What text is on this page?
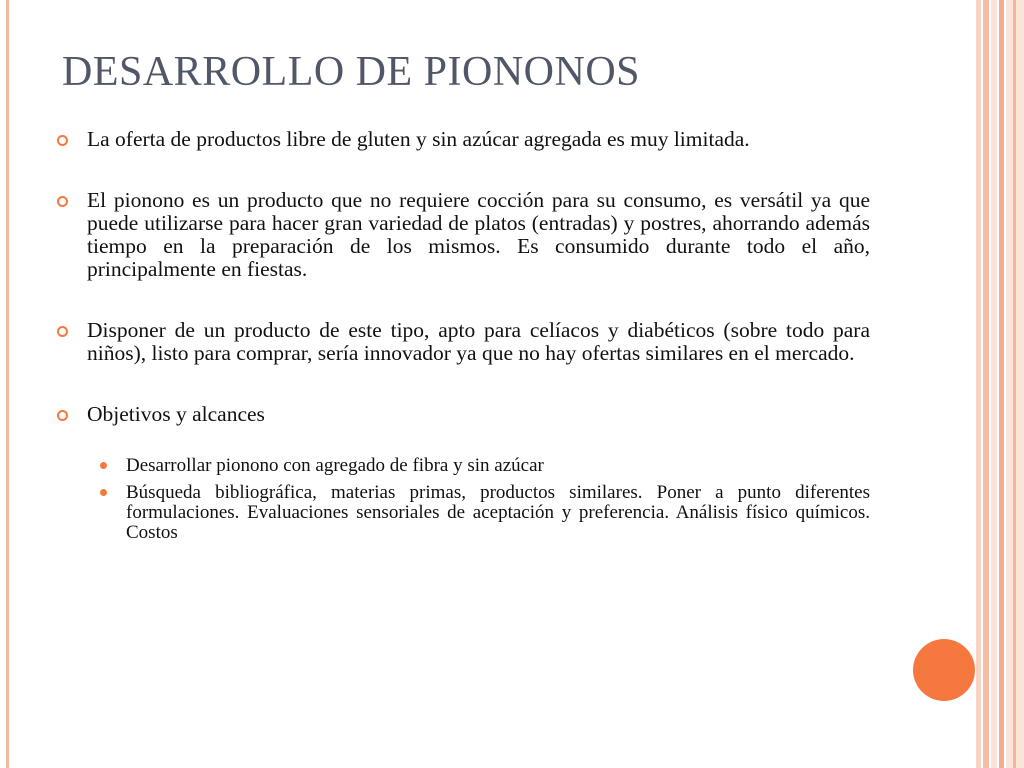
DESARROLLO DE PIONONOS
La oferta de productos libre de gluten y sin azúcar agregada es muy limitada.
El pionono es un producto que no requiere cocción para su consumo, es versátil ya que puede utilizarse para hacer gran variedad de platos (entradas) y postres, ahorrando además tiempo en la preparación de los mismos. Es consumido durante todo el año, principalmente en fiestas.
Disponer de un producto de este tipo, apto para celíacos y diabéticos (sobre todo para niños), listo para comprar, sería innovador ya que no hay ofertas similares en el mercado.
Objetivos y alcances
Desarrollar pionono con agregado de fibra y sin azúcar
Búsqueda bibliográfica, materias primas, productos similares. Poner a punto diferentes formulaciones. Evaluaciones sensoriales de aceptación y preferencia. Análisis físico químicos. Costos
